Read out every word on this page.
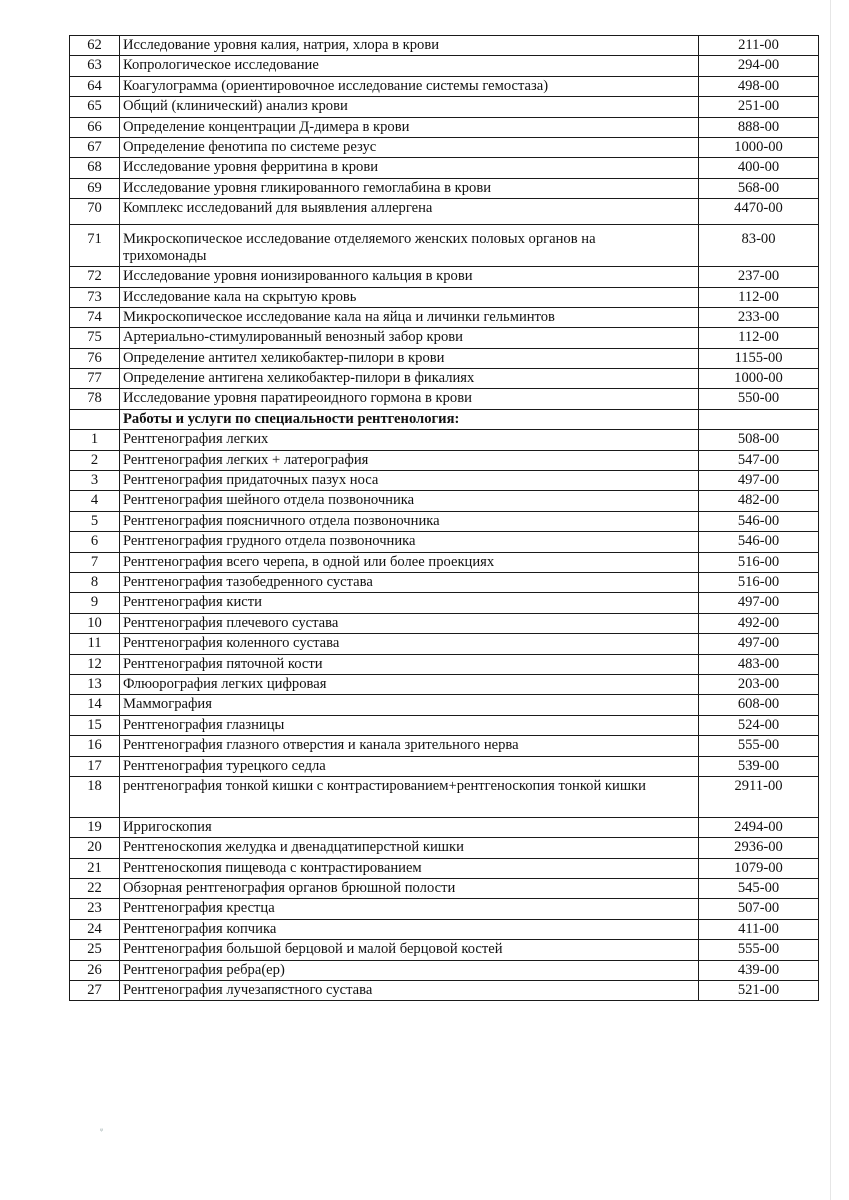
62	Исследование уровня калия, натрия, хлора в крови	211-00
63	Копрологическое исследование	294-00
64	Коагулограмма (ориентировочное исследование системы гемостаза)	498-00
65	Общий (клинический) анализ крови	251-00
66	Определение концентрации Д-димера в крови	888-00
67	Определение фенотипа по системе резус	1000-00
68	Исследование уровня ферритина в крови	400-00
69	Исследование уровня гликированного гемоглабина в крови	568-00
70	Комплекс исследований для выявления аллергена	4470-00
71	Микроскопическое исследование отделяемого женских половых органов на трихомонады	83-00
72	Исследование уровня ионизированного кальция в крови	237-00
73	Исследование кала на скрытую кровь	112-00
74	Микроскопическое исследование кала на яйца и личинки гельминтов	233-00
75	Артериально-стимулированный венозный забор крови	112-00
76	Определение антител хеликобактер-пилори в крови	1155-00
77	Определение антигена хеликобактер-пилори в фикалиях	1000-00
78	Исследование уровня паратиреоидного гормона в крови	550-00
	Работы и услуги по специальности рентгенология:	
1	Рентгенография легких	508-00
2	Рентгенография легких + латерография	547-00
3	Рентгенография придаточных пазух носа	497-00
4	Рентгенография шейного отдела позвоночника	482-00
5	Рентгенография поясничного отдела позвоночника	546-00
6	Рентгенография грудного отдела позвоночника	546-00
7	Рентгенография всего черепа, в одной или более проекциях	516-00
8	Рентгенография тазобедренного сустава	516-00
9	Рентгенография кисти	497-00
10	Рентгенография плечевого сустава	492-00
11	Рентгенография коленного сустава	497-00
12	Рентгенография пяточной кости	483-00
13	Флюорография легких цифровая	203-00
14	Маммография	608-00
15	Рентгенография глазницы	524-00
16	Рентгенография глазного отверстия и канала зрительного нерва	555-00
17	Рентгенография турецкого седла	539-00
18	рентгенография тонкой кишки с контрастированием+рентгеноскопия тонкой кишки	2911-00
19	Ирригоскопия	2494-00
20	Рентгеноскопия желудка и двенадцатиперстной кишки	2936-00
21	Рентгеноскопия пищевода с контрастированием	1079-00
22	Обзорная рентгенография органов брюшной полости	545-00
23	Рентгенография крестца	507-00
24	Рентгенография копчика	411-00
25	Рентгенография большой берцовой и малой берцовой костей	555-00
26	Рентгенография ребра(ер)	439-00
27	Рентгенография лучезапястного сустава	521-00
ᵩ
